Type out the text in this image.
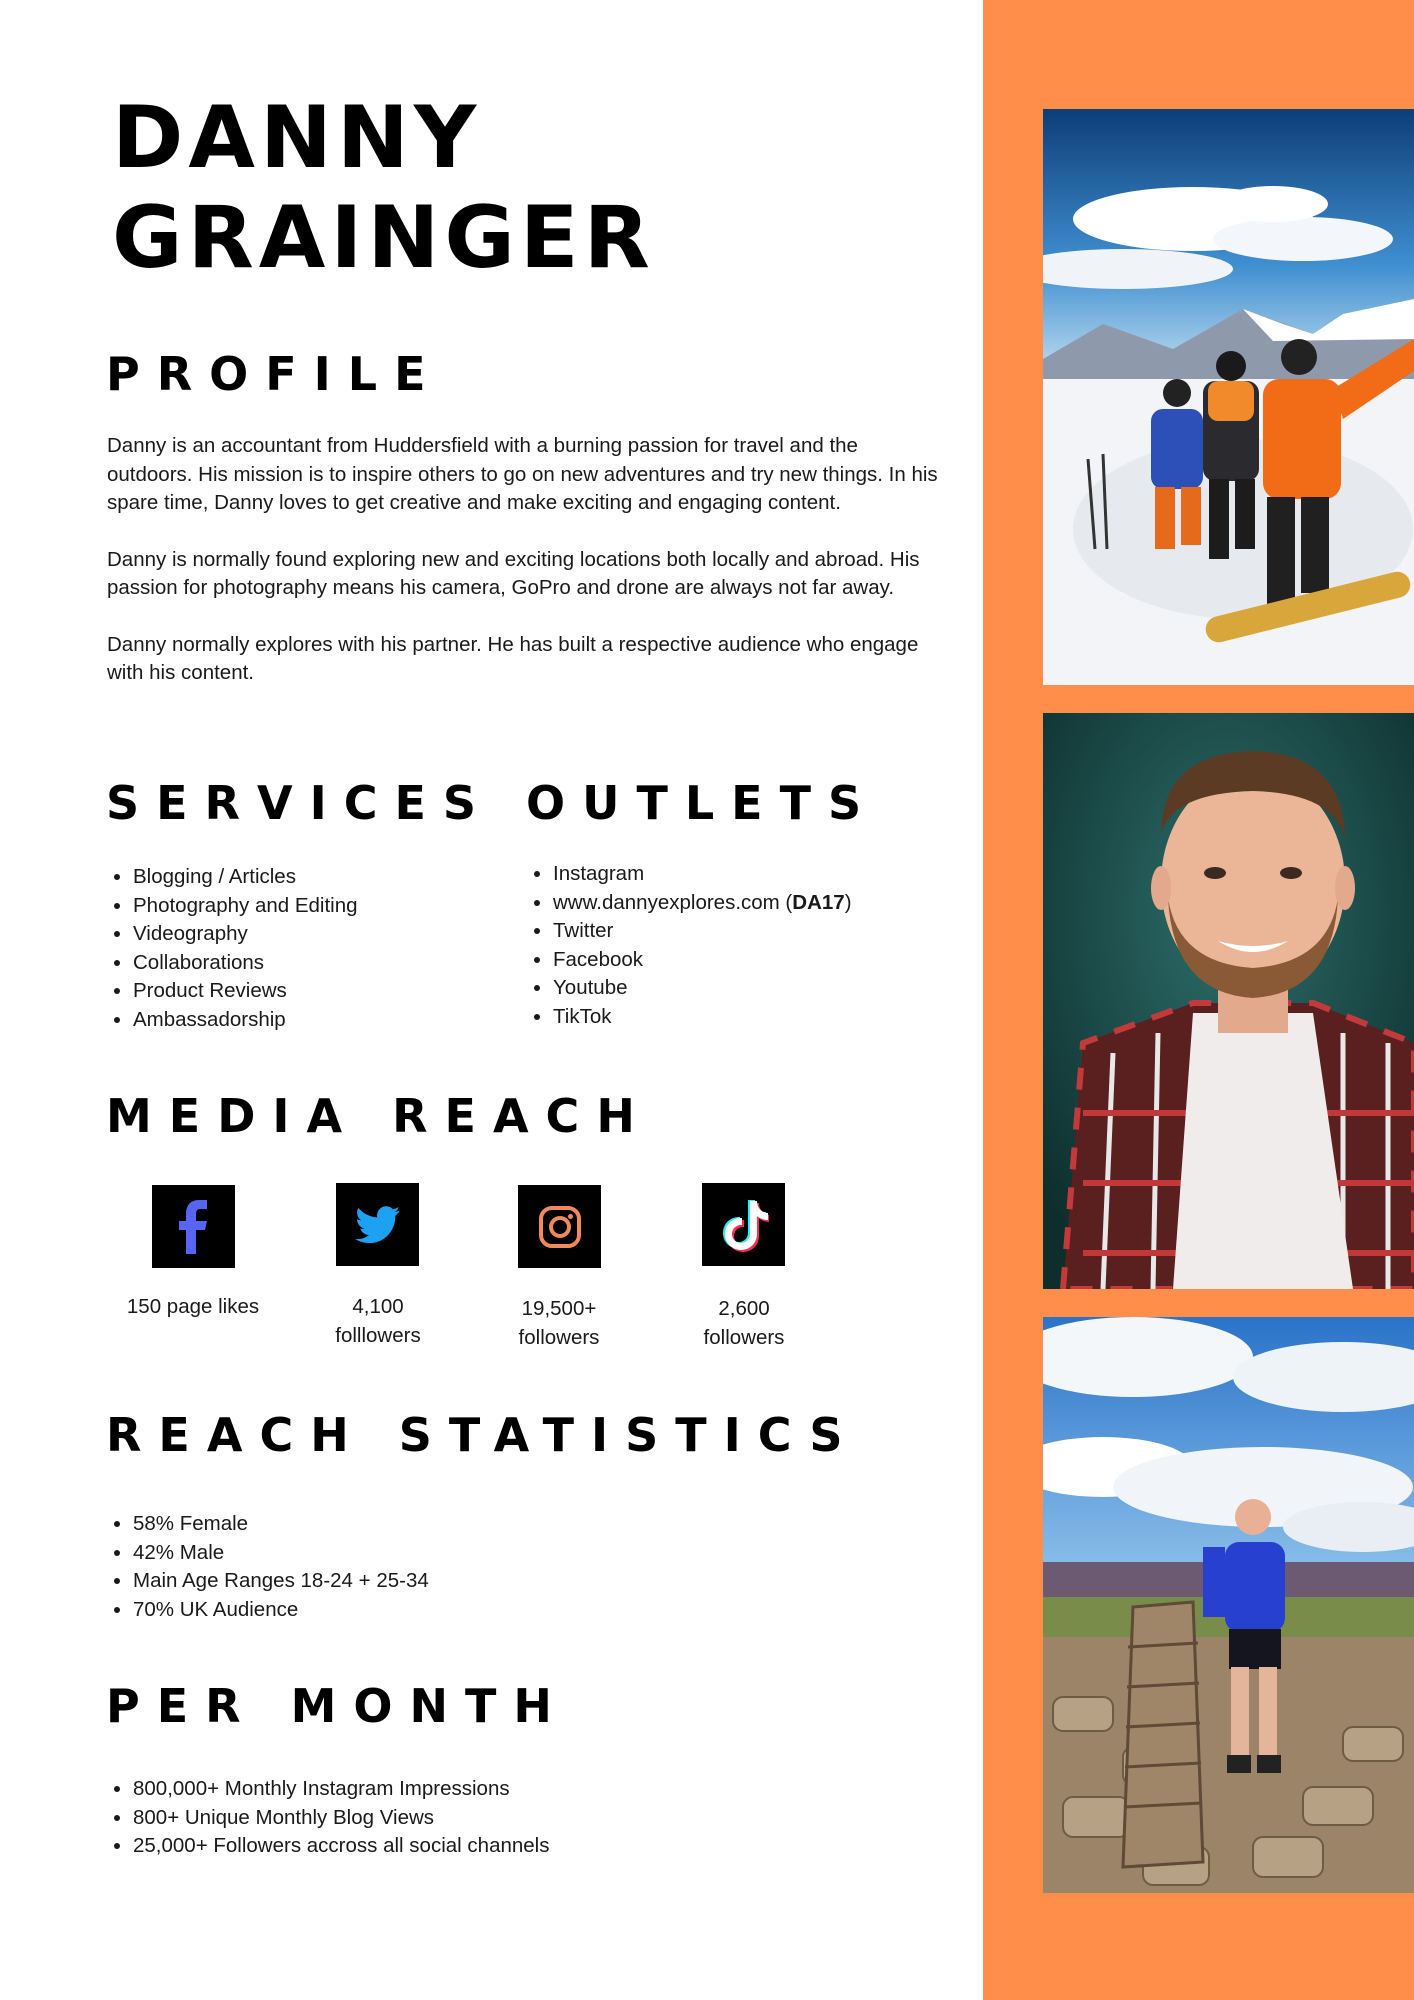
DANNY
GRAINGER
PROFILE

Danny is an accountant from Huddersfield with a burning passion for travel and the outdoors. His mission is to inspire others to go on new adventures and try new things. In his spare time, Danny loves to get creative and make exciting and engaging content.

Danny is normally found exploring new and exciting locations both locally and abroad. His passion for photography means his camera, GoPro and drone are always not far away.

Danny normally explores with his partner. He has built a respective audience who engage with his content.

SERVICES
• Blogging / Articles
• Photography and Editing
• Videography
• Collaborations
• Product Reviews
• Ambassadorship
OUTLETS
• Instagram
• www.dannyexplores.com (DA17)
• Twitter
• Facebook
• Youtube
• TikTok
MEDIA REACH
150 page likes	4,100
folllowers
19,500+
followers
2,600
followers
REACH STATISTICS
• 58% Female
• 42% Male
• Main Age Ranges 18-24 + 25-34
• 70% UK Audience
PER MONTH
• 800,000+ Monthly Instagram Impressions
• 800+ Unique Monthly Blog Views
• 25,000+ Followers accross all social channels
